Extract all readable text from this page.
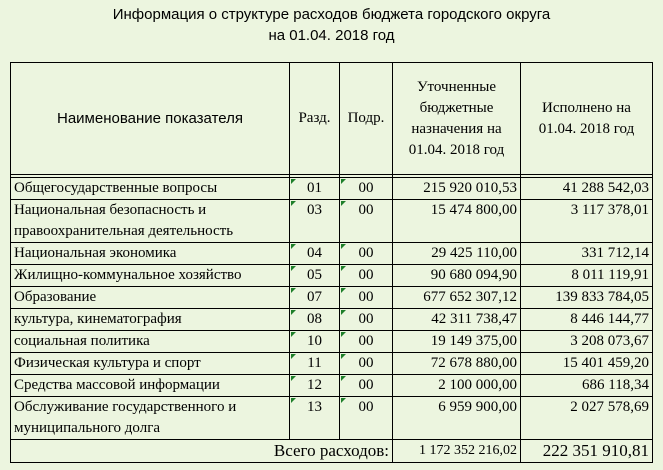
Информация о структуре расходов бюджета городского округа
на 01.04. 2018 год
Наименование показателя	Разд.	Подр.	Уточненные бюджетные назначения на 01.04. 2018 год	Исполнено на 01.04. 2018 год

Общегосударственные вопросы	01	00	215 920 010,53	41 288 542,03
Национальная безопасность и правоохранительная деятельность	03	00	15 474 800,00	3 117 378,01
Национальная экономика	04	00	29 425 110,00	331 712,14
Жилищно-коммунальное хозяйство	05	00	90 680 094,90	8 011 119,91
Образование	07	00	677 652 307,12	139 833 784,05
культура, кинематография	08	00	42 311 738,47	8 446 144,77
социальная политика	10	00	19 149 375,00	3 208 073,67
Физическая культура и спорт	11	00	72 678 880,00	15 401 459,20
Средства массовой информации	12	00	2 100 000,00	686 118,34
Обслуживание государственного и муниципального долга	13	00	6 959 900,00	2 027 578,69
Всего расходов:			1 172 352 216,02	222 351 910,81
